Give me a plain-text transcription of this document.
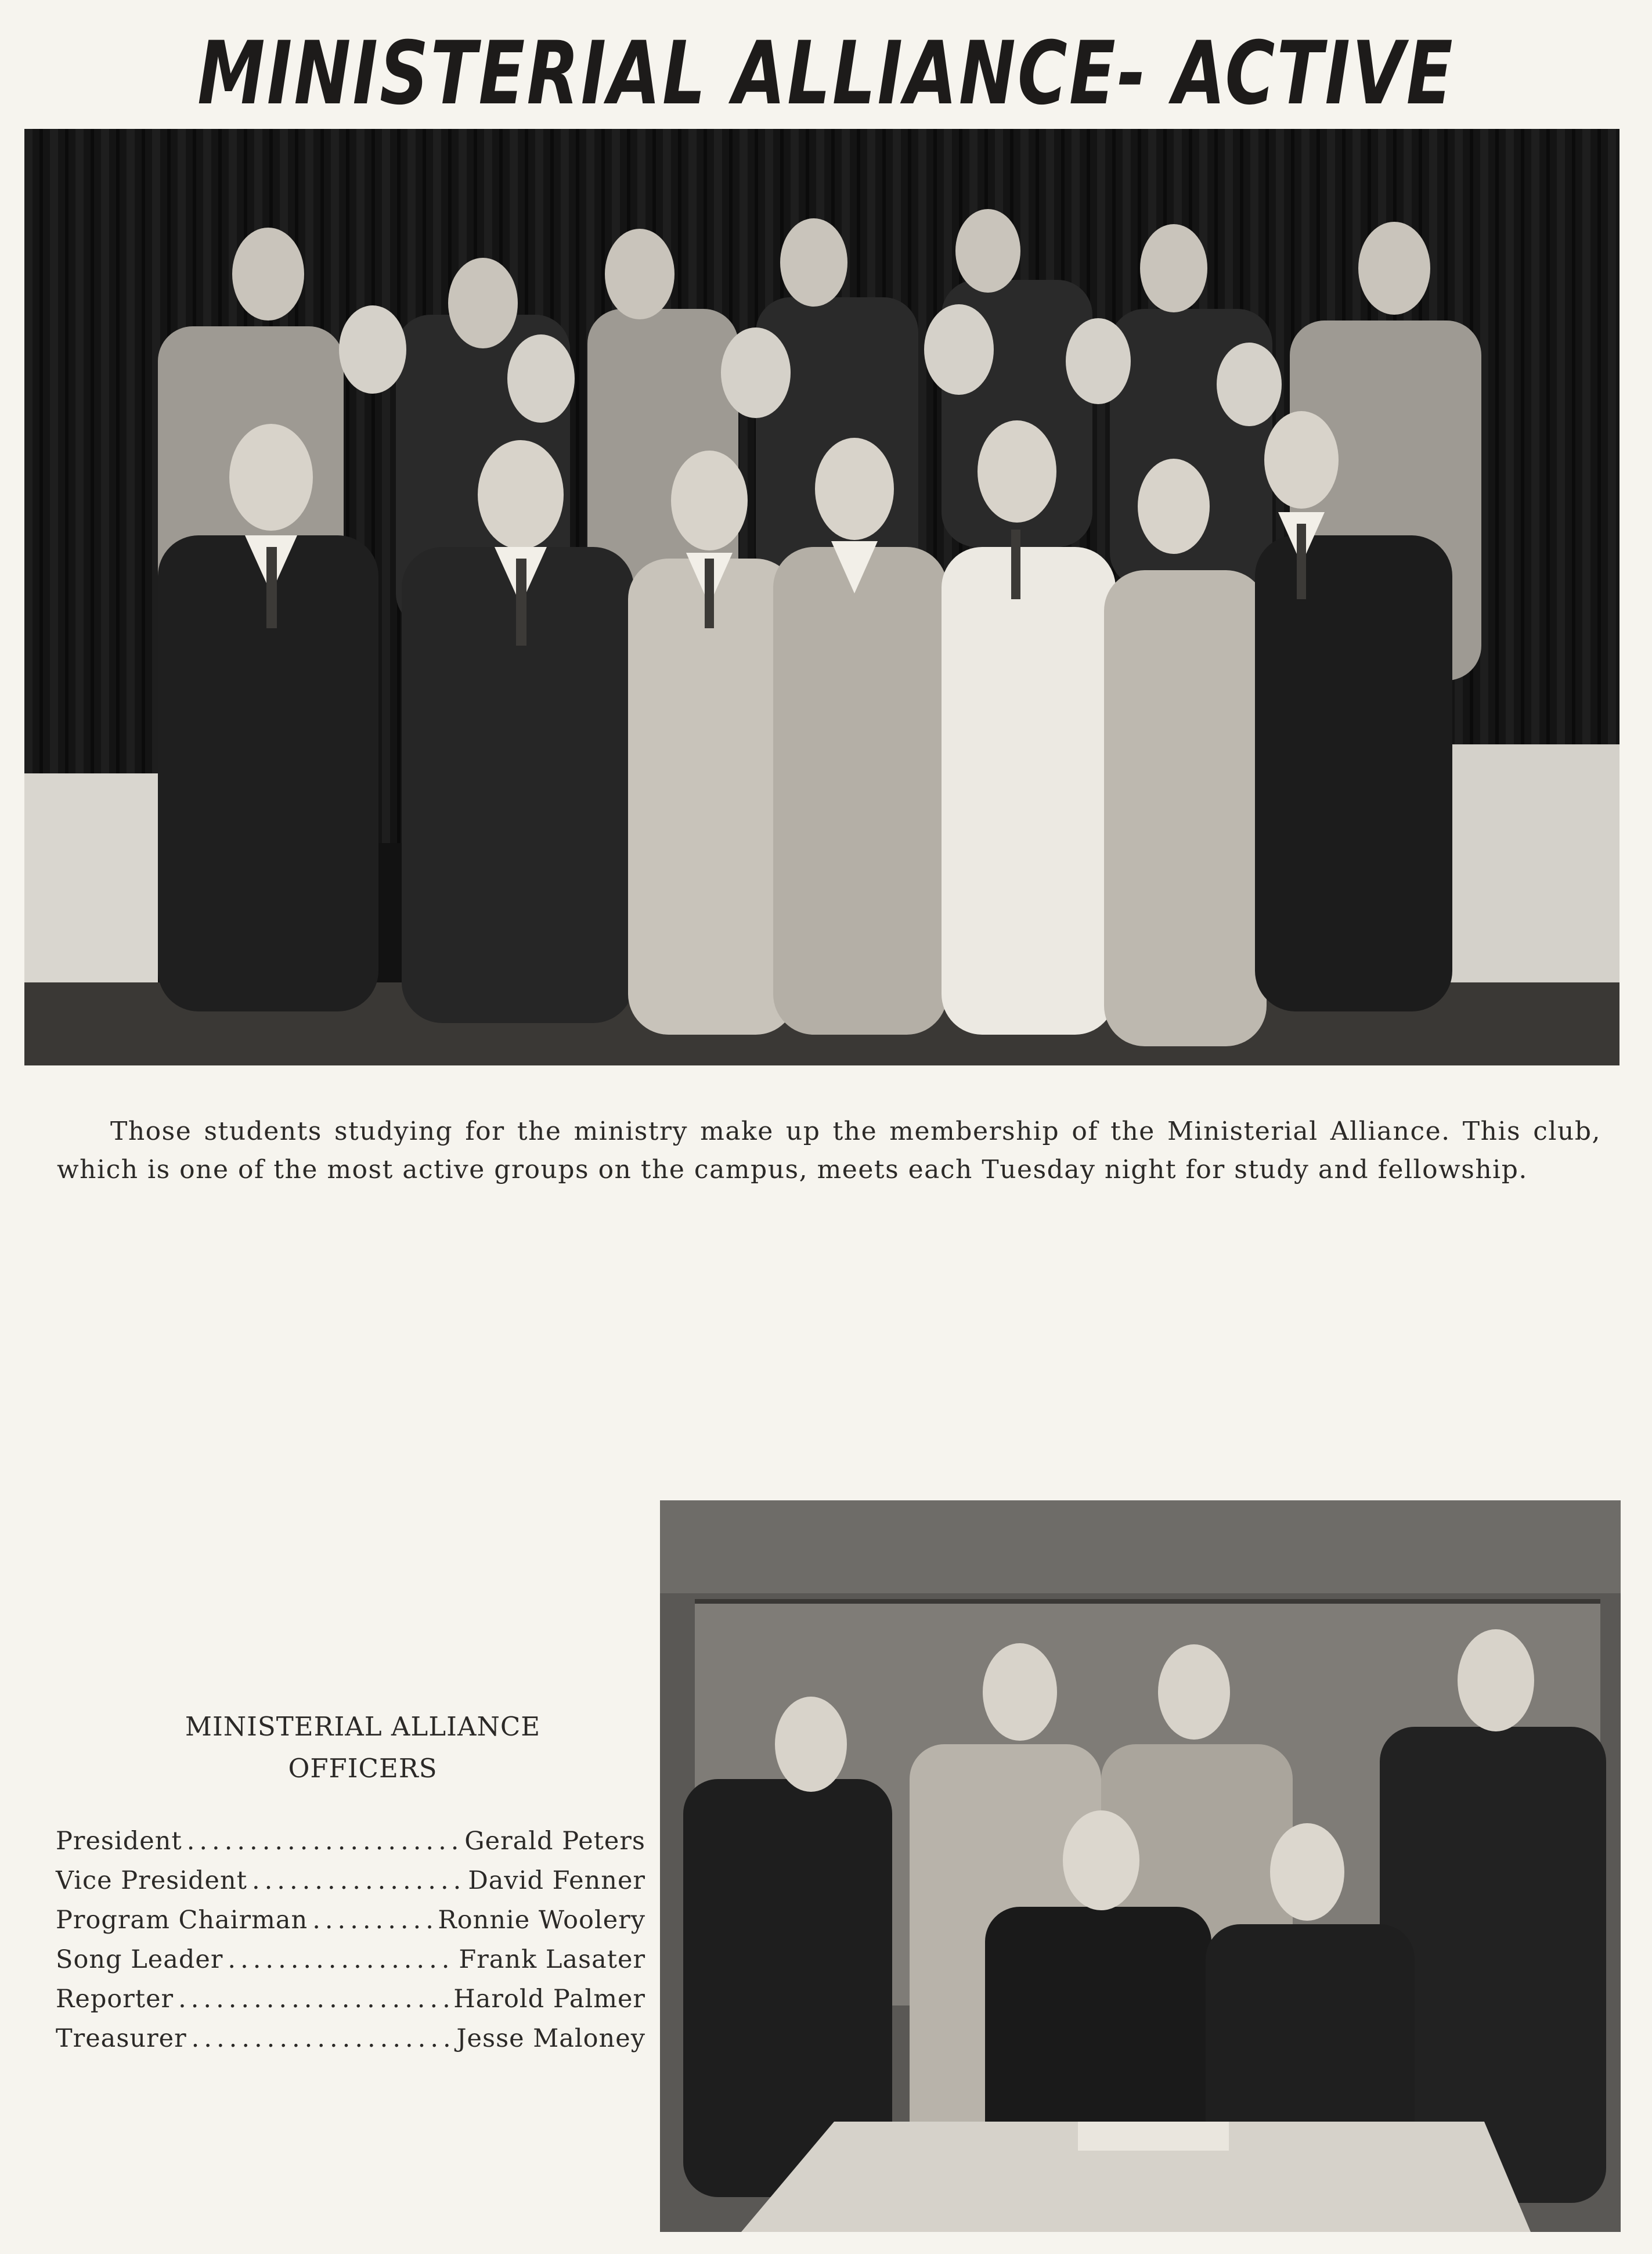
MINISTERIAL ALLIANCE- ACTIVE

Those students studying for the ministry make up the membership of the Ministerial Alliance. This club, which is one of the most active groups on the campus, meets each Tuesday night for study and fellowship.

MINISTERIAL ALLIANCE
OFFICERS
President .....	Gerald Peters
Vice President .....	David Fenner
Program Chairman .....	Ronnie Woolery
Song Leader .....	Frank Lasater
Reporter .....	Harold Palmer
Treasurer .....	Jesse Maloney
